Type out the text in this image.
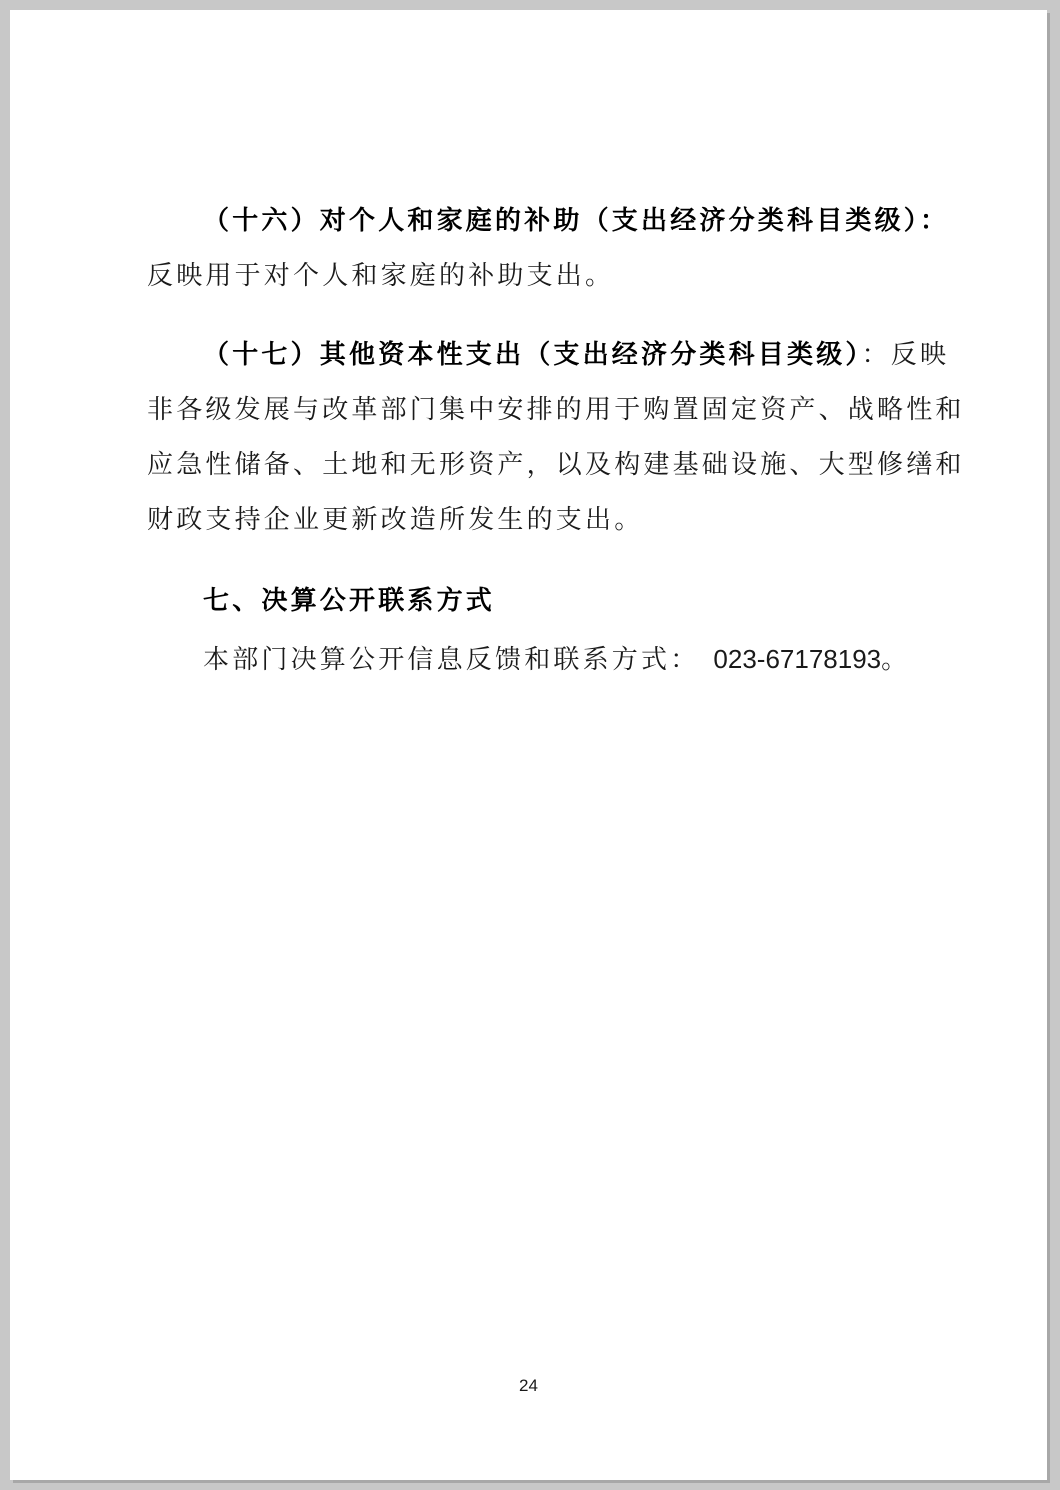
（十六）对个人和家庭的补助（支出经济分类科目类级）：
反映用于对个人和家庭的补助支出。
（十七）其他资本性支出（支出经济分类科目类级）：反映
非各级发展与改革部门集中安排的用于购置固定资产、战略性和
应急性储备、土地和无形资产，以及构建基础设施、大型修缮和
财政支持企业更新改造所发生的支出。
七、决算公开联系方式
本部门决算公开信息反馈和联系方式： 023-67178193。
24
